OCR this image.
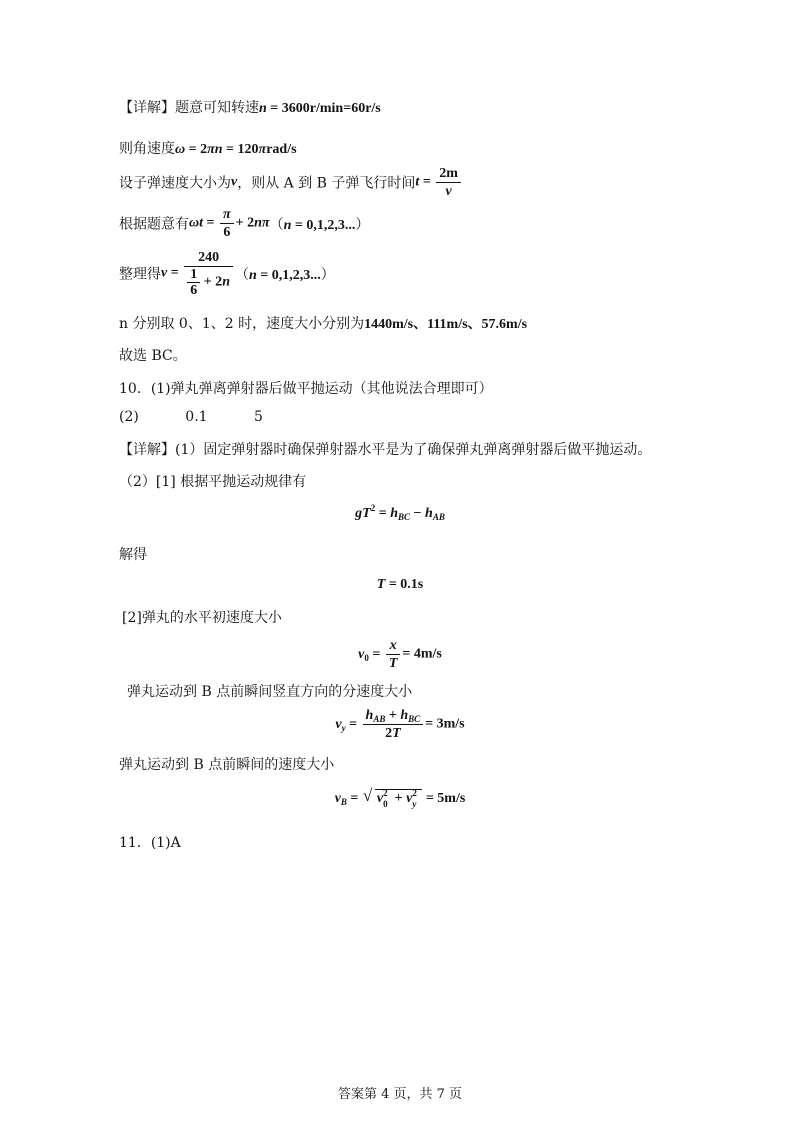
【详解】题意可知转速n = 3600r/min=60r/s
则角速度ω = 2πn = 120πrad/s
设子弹速度大小为v，则从 A 到 B 子弹飞行时间$t = \frac{2m}{v}$
根据题意有$\omega t = \frac{\pi}{6} + 2n\pi(n = 0,1,2,3...)$
整理得$v = \frac{240}{\frac{1}{6} + 2n} (n = 0,1,2,3...)$
n 分别取 0、1、2 时，速度大小分别为1440m/s、111m/s、57.6m/s
故选 BC。
10．(1)弹丸弹离弹射器后做平抛运动（其他说法合理即可）
(2)	0.1	5
【详解】(1）固定弹射器时确保弹射器水平是为了确保弹丸弹离弹射器后做平抛运动。
（2）[1] 根据平抛运动规律有
$gT^2 = h_{BC} - h_{AB}$
解得
T = 0.1s
[2]弹丸的水平初速度大小
$v_0 = \frac{x}{T} = 4m/s$
弹丸运动到 B 点前瞬间竖直方向的分速度大小
$v_y = \frac{h_{AB} + h_{BC}}{2T} = 3m/s$
弹丸运动到 B 点前瞬间的速度大小
$v_B$ = √ v 2
0 + v 2
y = 5m/s
11．(1)A
答案第 4 页，共 7 页
